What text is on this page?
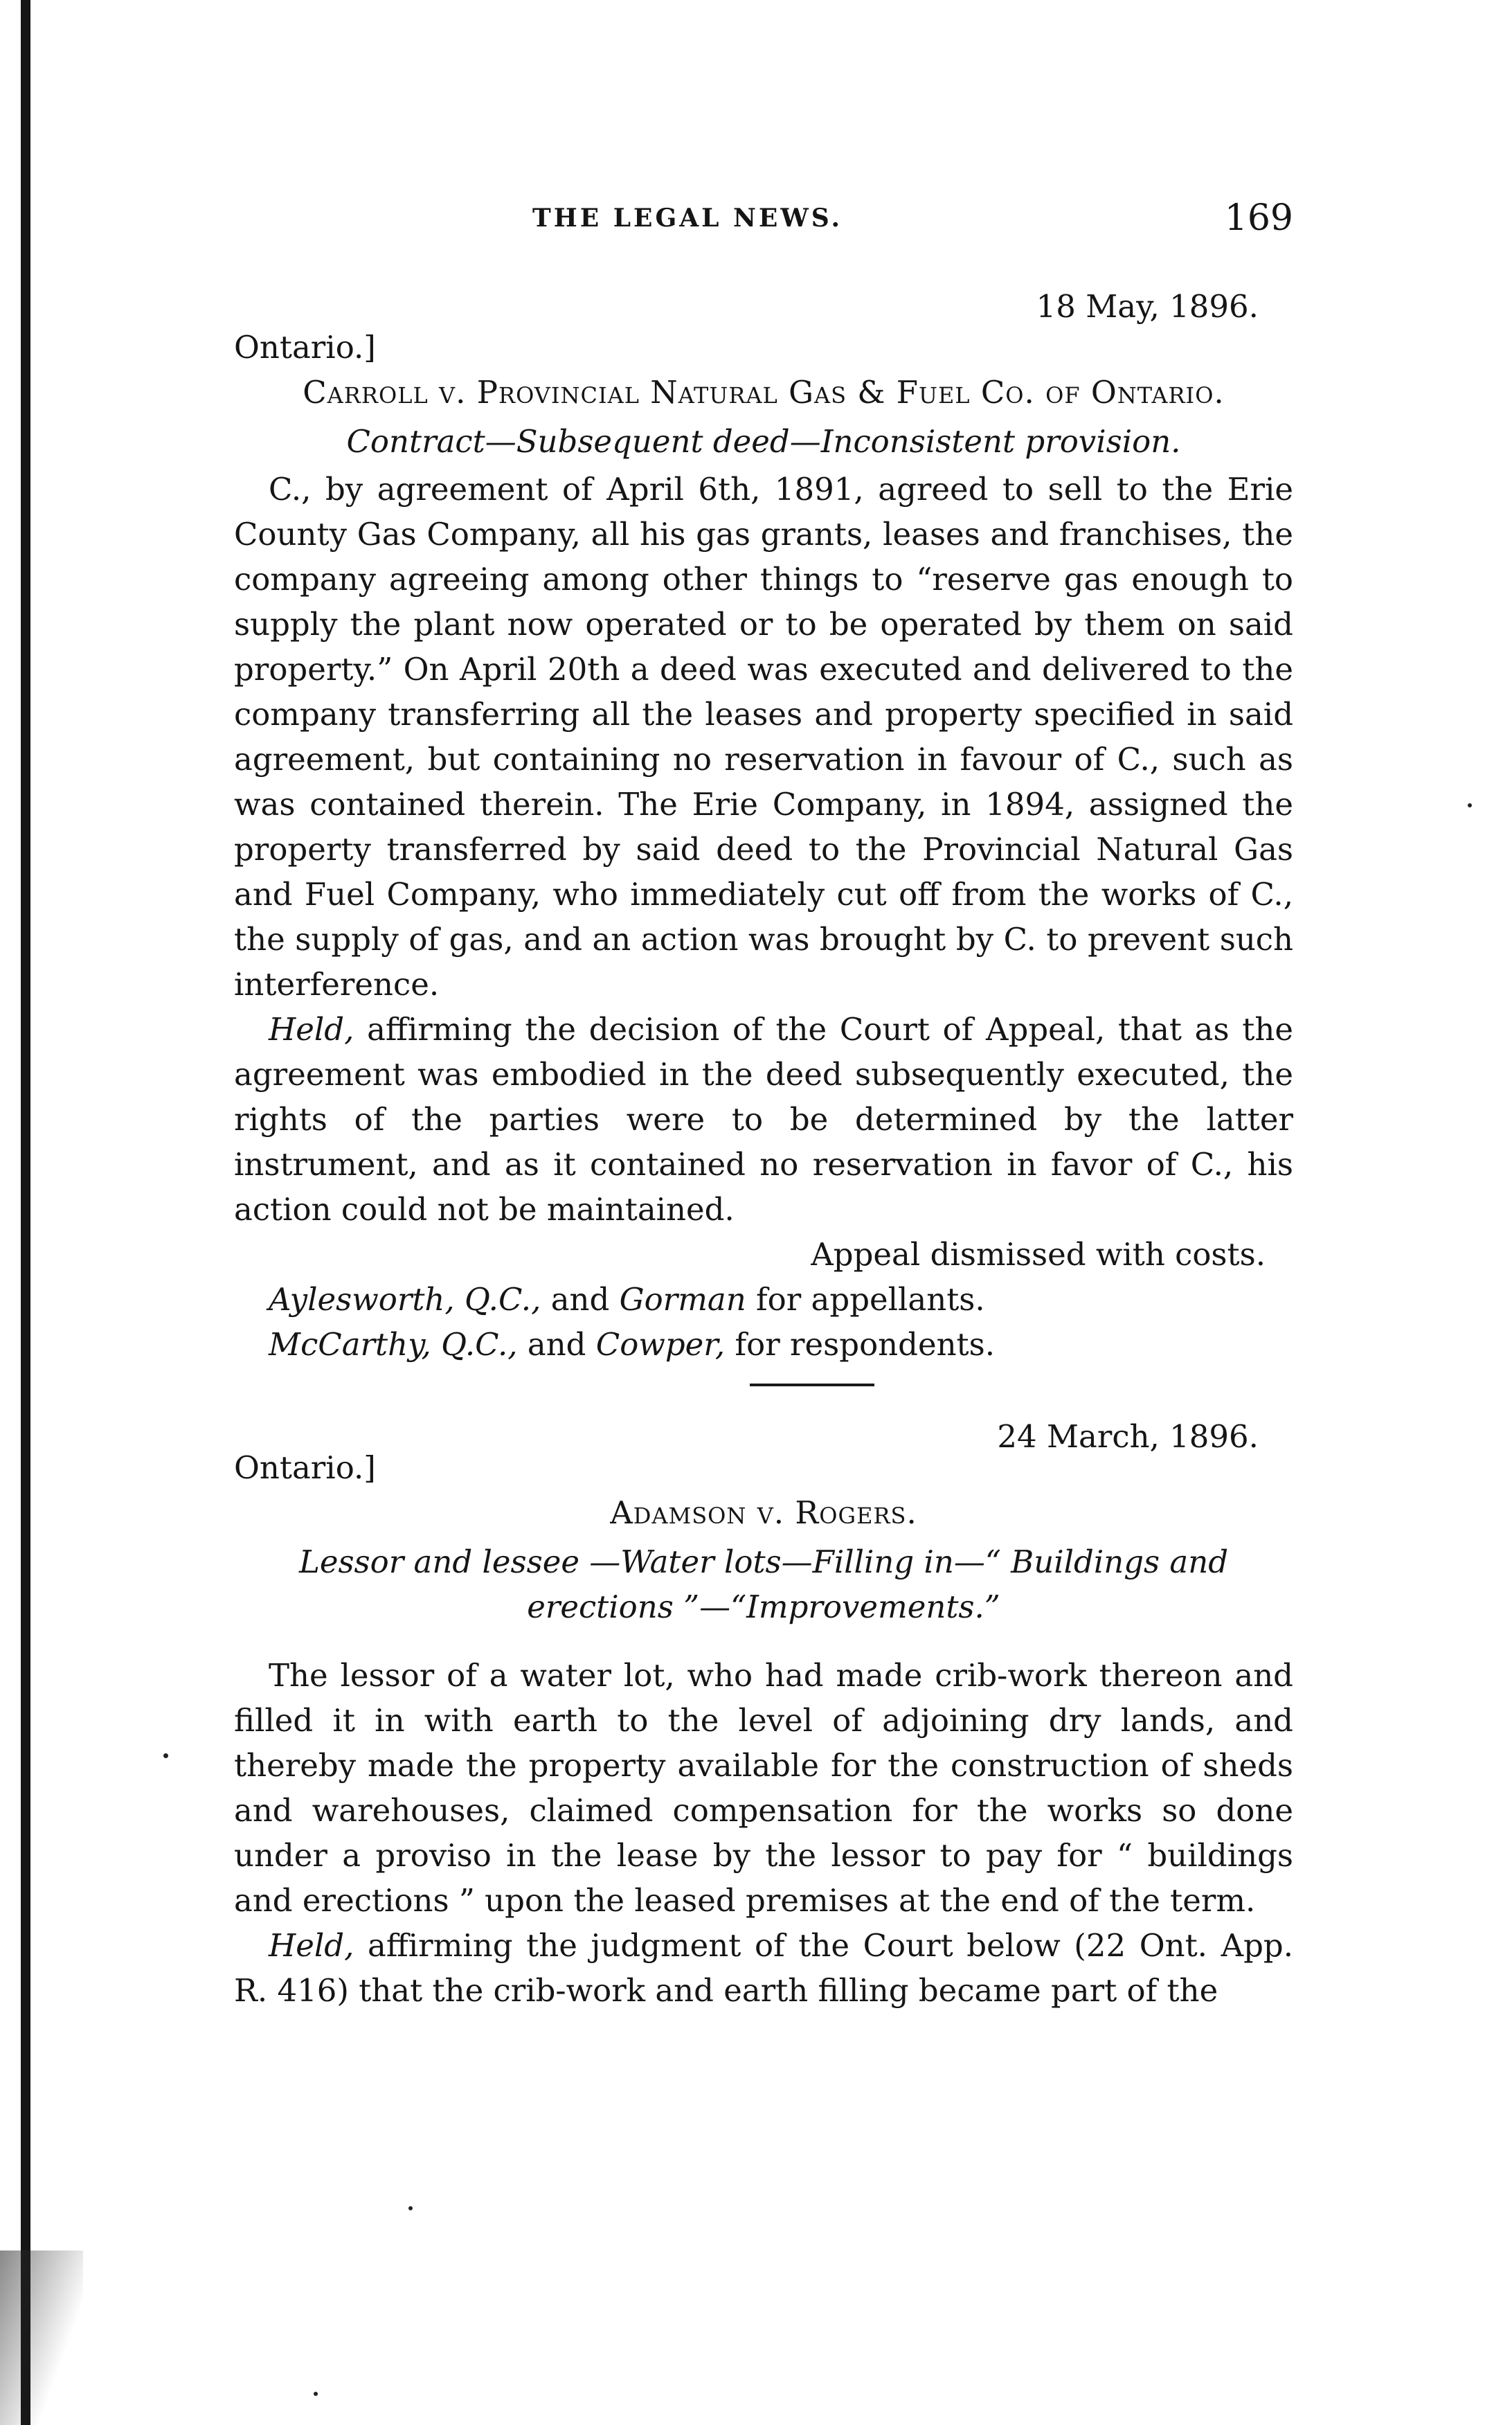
THE LEGAL NEWS.	169
18 May, 1896.
Ontario.]
Carroll v. Provincial Natural Gas & Fuel Co. of Ontario.
Contract—Subsequent deed—Inconsistent provision.

C., by agreement of April 6th, 1891, agreed to sell to the Erie County Gas Company, all his gas grants, leases and franchises, the company agreeing among other things to “reserve gas enough to supply the plant now operated or to be operated by them on said property.” On April 20th a deed was executed and delivered to the company transferring all the leases and property specified in said agreement, but containing no reservation in favour of C., such as was contained therein. The Erie Company, in 1894, assigned the property transferred by said deed to the Provincial Natural Gas and Fuel Company, who immediately cut off from the works of C., the supply of gas, and an action was brought by C. to prevent such interference.

Held, affirming the decision of the Court of Appeal, that as the agreement was embodied in the deed subsequently executed, the rights of the parties were to be determined by the latter instrument, and as it contained no reservation in favor of C., his action could not be maintained.

Appeal dismissed with costs.

Aylesworth, Q.C., and Gorman for appellants.

McCarthy, Q.C., and Cowper, for respondents.

24 March, 1896.
Ontario.]
Adamson v. Rogers.
Lessor and lessee —Water lots—Filling in—“ Buildings and erections ”—“Improvements.”

The lessor of a water lot, who had made crib-work thereon and filled it in with earth to the level of adjoining dry lands, and thereby made the property available for the construction of sheds and warehouses, claimed compensation for the works so done under a proviso in the lease by the lessor to pay for “ buildings and erections ” upon the leased premises at the end of the term.

Held, affirming the judgment of the Court below (22 Ont. App. R. 416) that the crib-work and earth filling became part of the
